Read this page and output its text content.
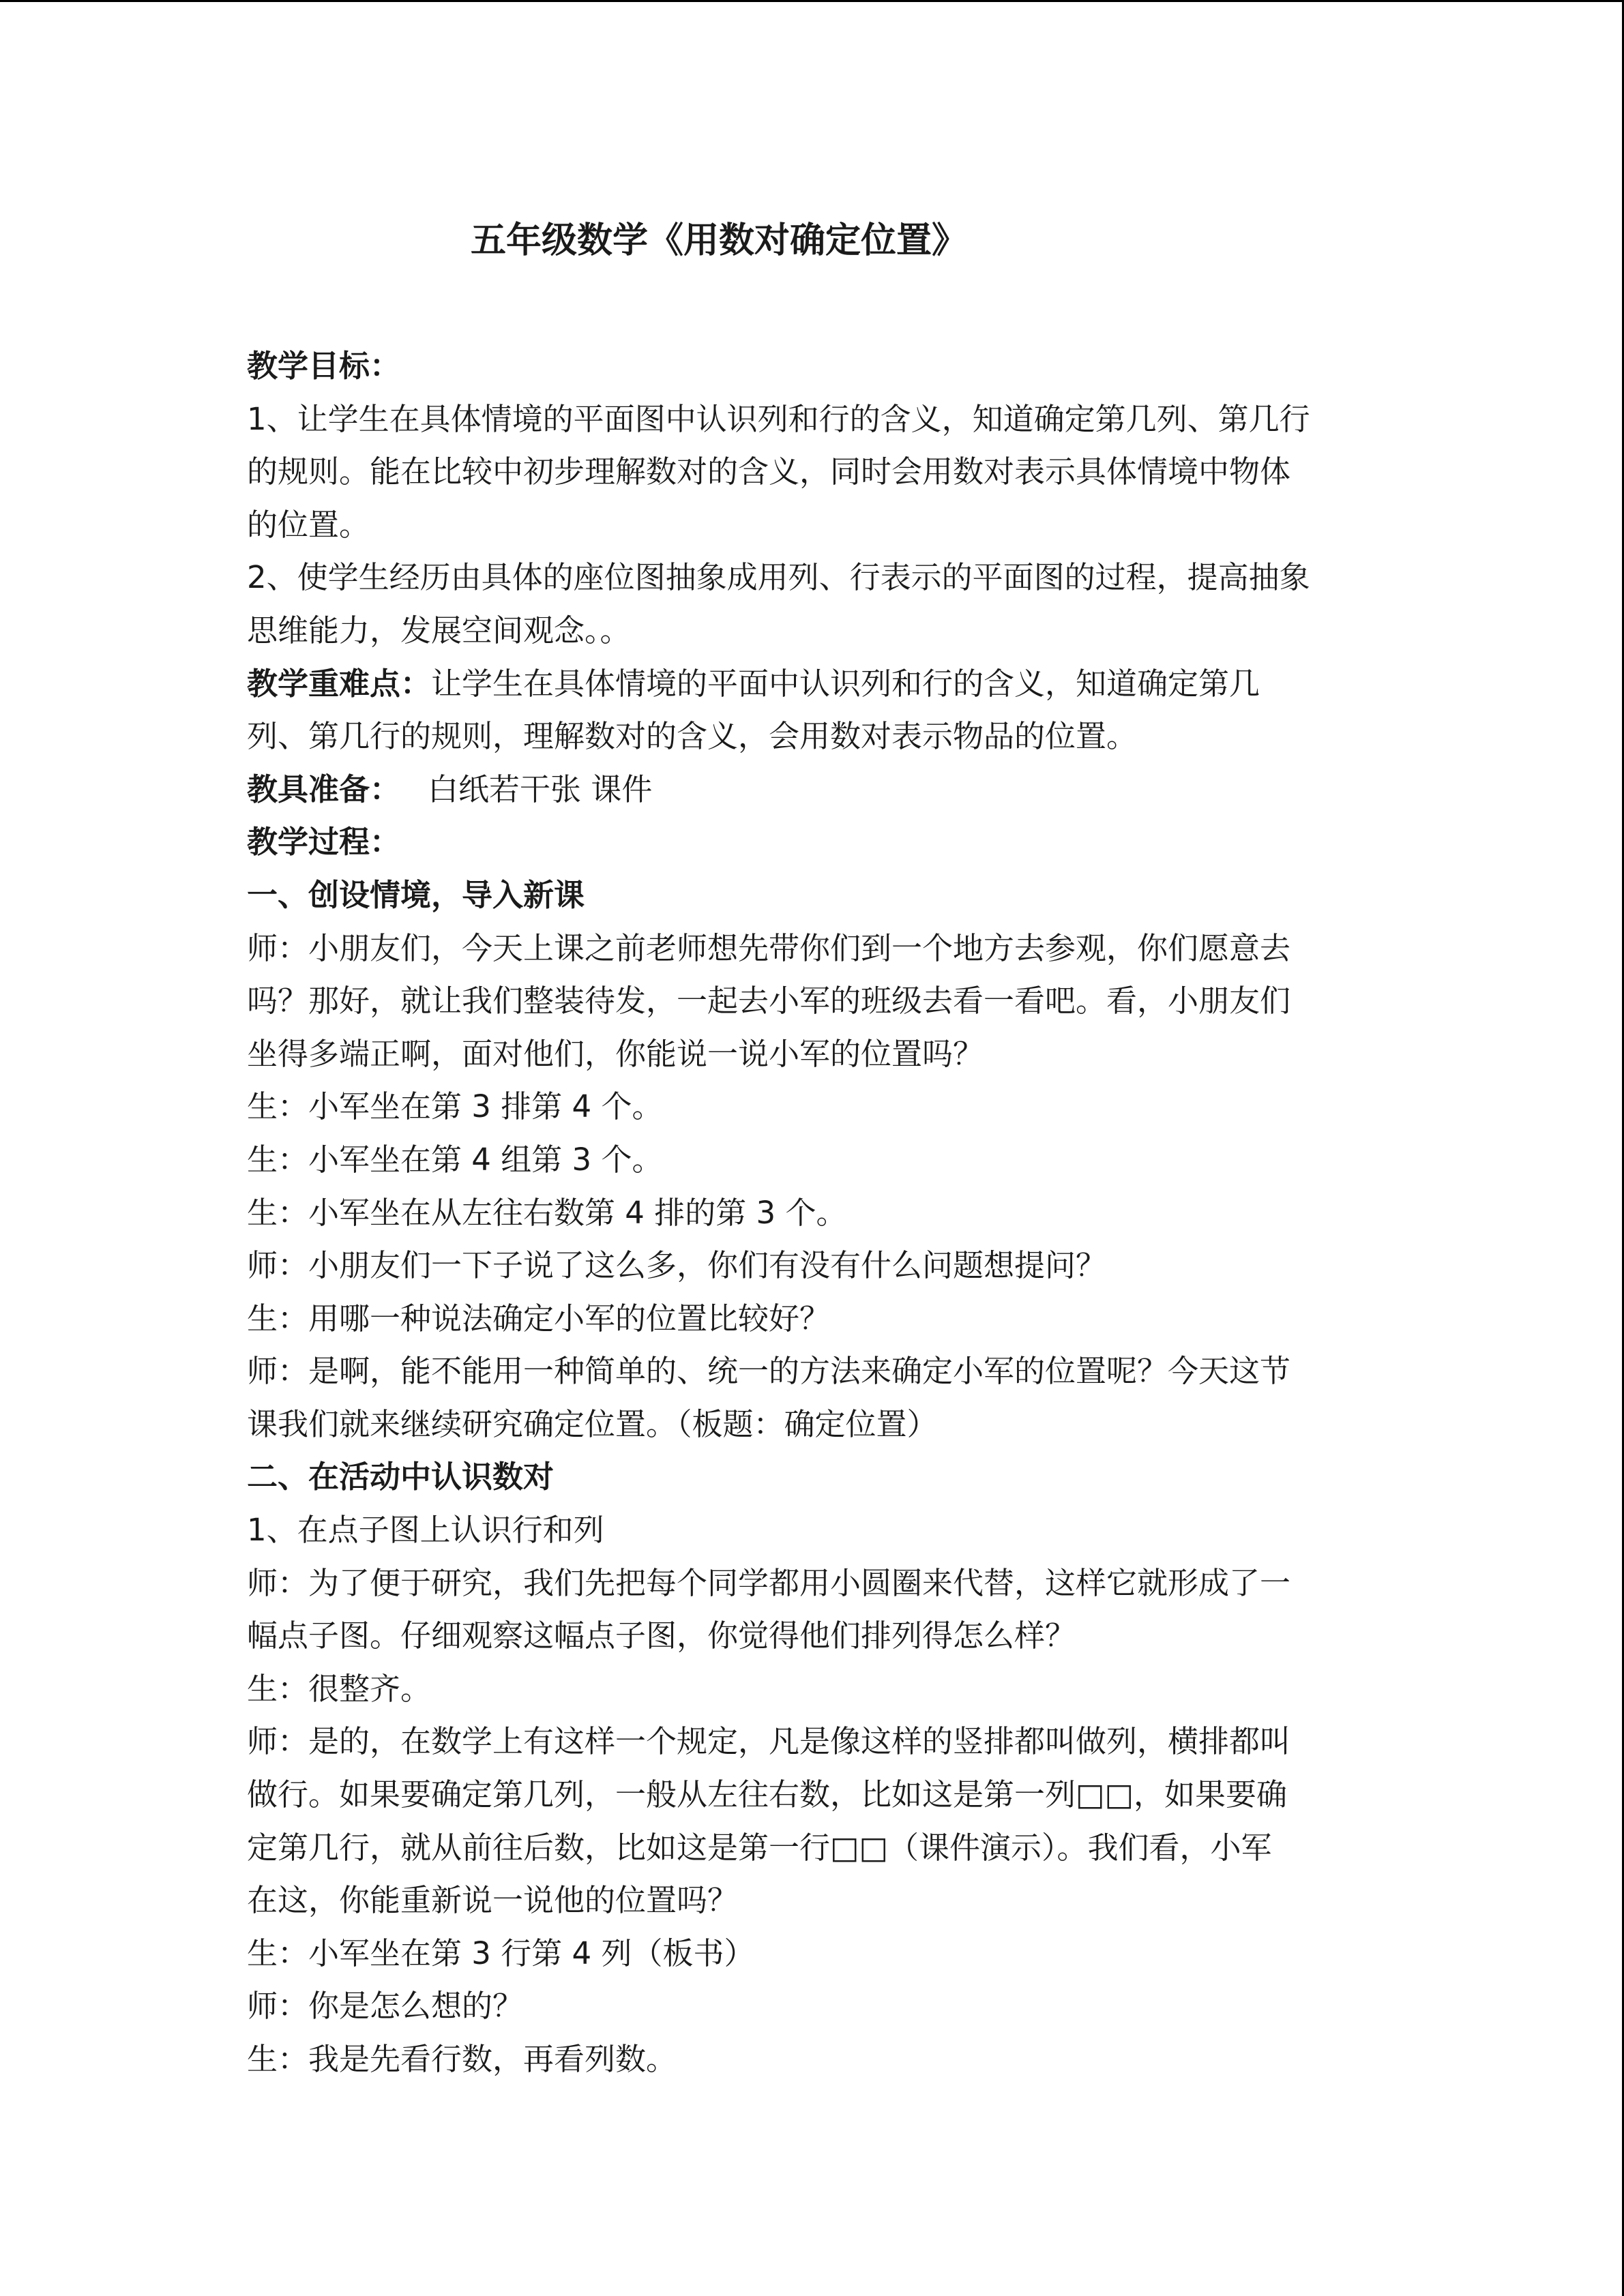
五年级数学《用数对确定位置》
教学目标：
1、让学生在具体情境的平面图中认识列和行的含义，知道确定第几列、第几行
的规则。能在比较中初步理解数对的含义，同时会用数对表示具体情境中物体
的位置。
2、使学生经历由具体的座位图抽象成用列、行表示的平面图的过程，提高抽象
思维能力，发展空间观念。。
教学重难点：让学生在具体情境的平面中认识列和行的含义，知道确定第几
列、第几行的规则，理解数对的含义，会用数对表示物品的位置。
教具准备： 白纸若干张 课件
教学过程：
一、创设情境，导入新课
师：小朋友们，今天上课之前老师想先带你们到一个地方去参观，你们愿意去
吗？那好，就让我们整装待发，一起去小军的班级去看一看吧。看，小朋友们
坐得多端正啊，面对他们，你能说一说小军的位置吗？
生：小军坐在第 3 排第 4 个。
生：小军坐在第 4 组第 3 个。
生：小军坐在从左往右数第 4 排的第 3 个。
师：小朋友们一下子说了这么多，你们有没有什么问题想提问？
生：用哪一种说法确定小军的位置比较好？
师：是啊，能不能用一种简单的、统一的方法来确定小军的位置呢？今天这节
课我们就来继续研究确定位置。（板题：确定位置）
二、在活动中认识数对
1、在点子图上认识行和列
师：为了便于研究，我们先把每个同学都用小圆圈来代替，这样它就形成了一
幅点子图。仔细观察这幅点子图，你觉得他们排列得怎么样？
生：很整齐。
师：是的，在数学上有这样一个规定，凡是像这样的竖排都叫做列，横排都叫
做行。如果要确定第几列，一般从左往右数，比如这是第一列□□，如果要确
定第几行，就从前往后数，比如这是第一行□□（课件演示）。我们看，小军
在这，你能重新说一说他的位置吗？
生：小军坐在第 3 行第 4 列（板书）
师：你是怎么想的？
生：我是先看行数，再看列数。
